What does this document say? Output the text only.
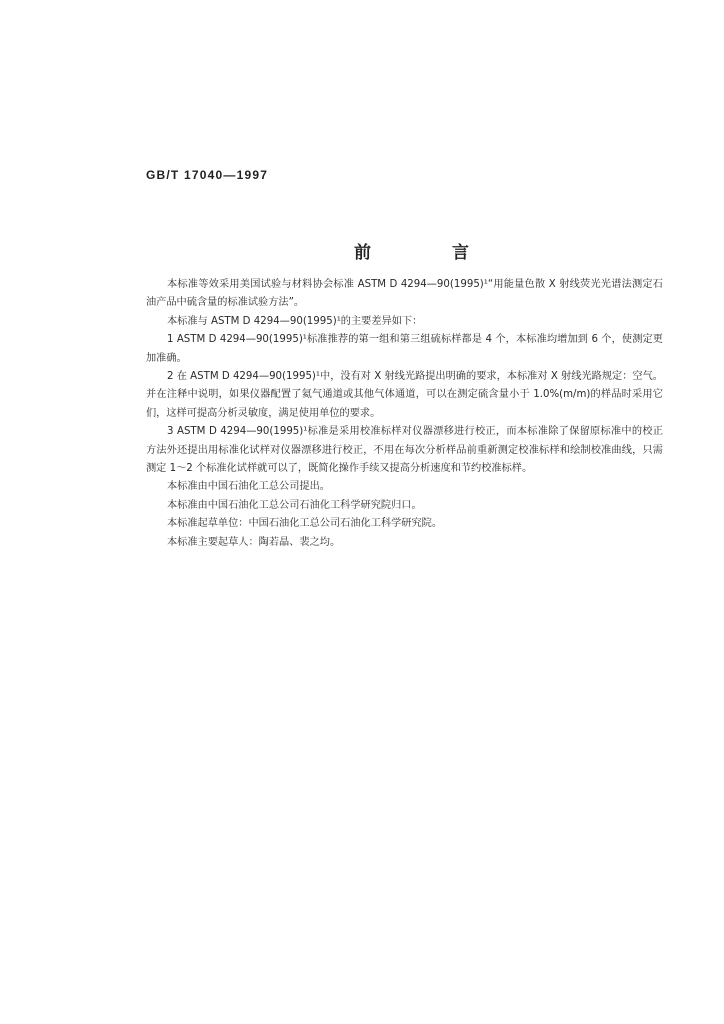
GB/T 17040—1997
前　言

本标准等效采用美国试验与材料协会标准 ASTM D 4294—90(1995)¹“用能量色散 X 射线荧光光谱法测定石油产品中硫含量的标准试验方法”。

本标准与 ASTM D 4294—90(1995)¹的主要差异如下：

1 ASTM D 4294—90(1995)¹标准推荐的第一组和第三组硫标样都是 4 个，本标准均增加到 6 个，使测定更加准确。

2 在 ASTM D 4294—90(1995)¹中，没有对 X 射线光路提出明确的要求，本标准对 X 射线光路规定：空气。并在注释中说明，如果仪器配置了氦气通道或其他气体通道，可以在测定硫含量小于 1.0%(m/m)的样品时采用它们，这样可提高分析灵敏度，满足使用单位的要求。

3 ASTM D 4294—90(1995)¹标准是采用校准标样对仪器漂移进行校正，而本标准除了保留原标准中的校正方法外还提出用标准化试样对仪器漂移进行校正，不用在每次分析样品前重新测定校准标样和绘制校准曲线，只需测定 1～2 个标准化试样就可以了，既简化操作手续又提高分析速度和节约校准标样。

本标准由中国石油化工总公司提出。

本标准由中国石油化工总公司石油化工科学研究院归口。

本标准起草单位：中国石油化工总公司石油化工科学研究院。

本标准主要起草人：陶若晶、裴之均。
